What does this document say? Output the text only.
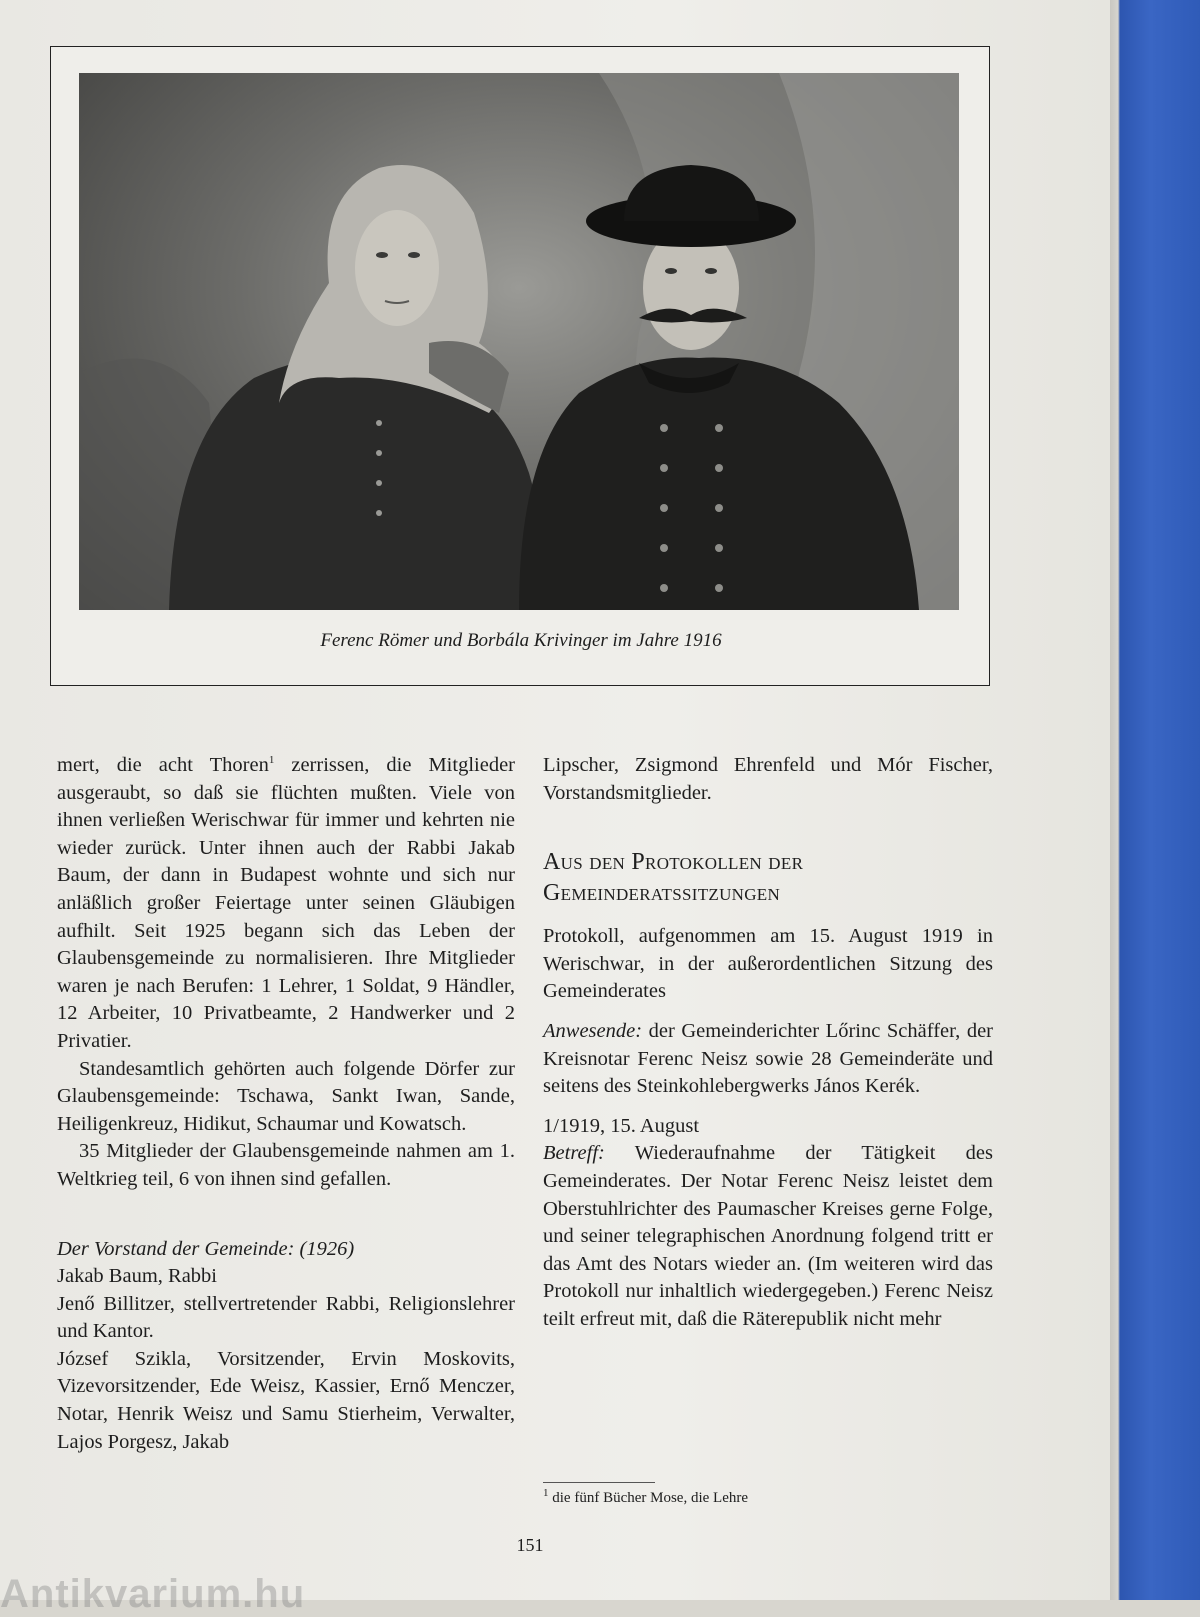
Ferenc Römer und Borbála Krivinger im Jahre 1916

mert, die acht Thoren$^1$ zerrissen, die Mitglieder ausgeraubt, so daß sie flüchten mußten. Viele von ihnen verließen Werischwar für immer und kehrten nie wieder zurück. Unter ihnen auch der Rabbi Jakab Baum, der dann in Budapest wohnte und sich nur anläßlich großer Feiertage unter seinen Gläubigen aufhilt. Seit 1925 begann sich das Leben der Glaubensgemeinde zu normalisieren. Ihre Mitglieder waren je nach Berufen: 1 Lehrer, 1 Soldat, 9 Händler, 12 Arbeiter, 10 Privatbeamte, 2 Handwerker und 2 Privatier.

Standesamtlich gehörten auch folgende Dörfer zur Glaubensgemeinde: Tschawa, Sankt Iwan, Sande, Heiligenkreuz, Hidikut, Schaumar und Kowatsch.

35 Mitglieder der Glaubensgemeinde nahmen am 1. Weltkrieg teil, 6 von ihnen sind gefallen.

Der Vorstand der Gemeinde: (1926)

Jakab Baum, Rabbi

Jenő Billitzer, stellvertretender Rabbi, Religionslehrer und Kantor.

József Szikla, Vorsitzender, Ervin Moskovits, Vizevorsitzender, Ede Weisz, Kassier, Ernő Menczer, Notar, Henrik Weisz und Samu Stierheim, Verwalter, Lajos Porgesz, Jakab

Lipscher, Zsigmond Ehrenfeld und Mór Fischer, Vorstandsmitglieder.

Aus den Protokollen der Gemeinderatssitzungen

Protokoll, aufgenommen am 15. August 1919 in Werischwar, in der außerordentlichen Sitzung des Gemeinderates

Anwesende: der Gemeinderichter Lőrinc Schäffer, der Kreisnotar Ferenc Neisz sowie 28 Gemeinderäte und seitens des Steinkohlebergwerks János Kerék.

1/1919, 15. August

Betreff: Wiederaufnahme der Tätigkeit des Gemeinderates. Der Notar Ferenc Neisz leistet dem Oberstuhlrichter des Paumascher Kreises gerne Folge, und seiner telegraphischen Anordnung folgend tritt er das Amt des Notars wieder an. (Im weiteren wird das Protokoll nur inhaltlich wiedergegeben.) Ferenc Neisz teilt erfreut mit, daß die Räterepublik nicht mehr

$^1$ die fünf Bücher Mose, die Lehre
151
Antikvarium.hu
